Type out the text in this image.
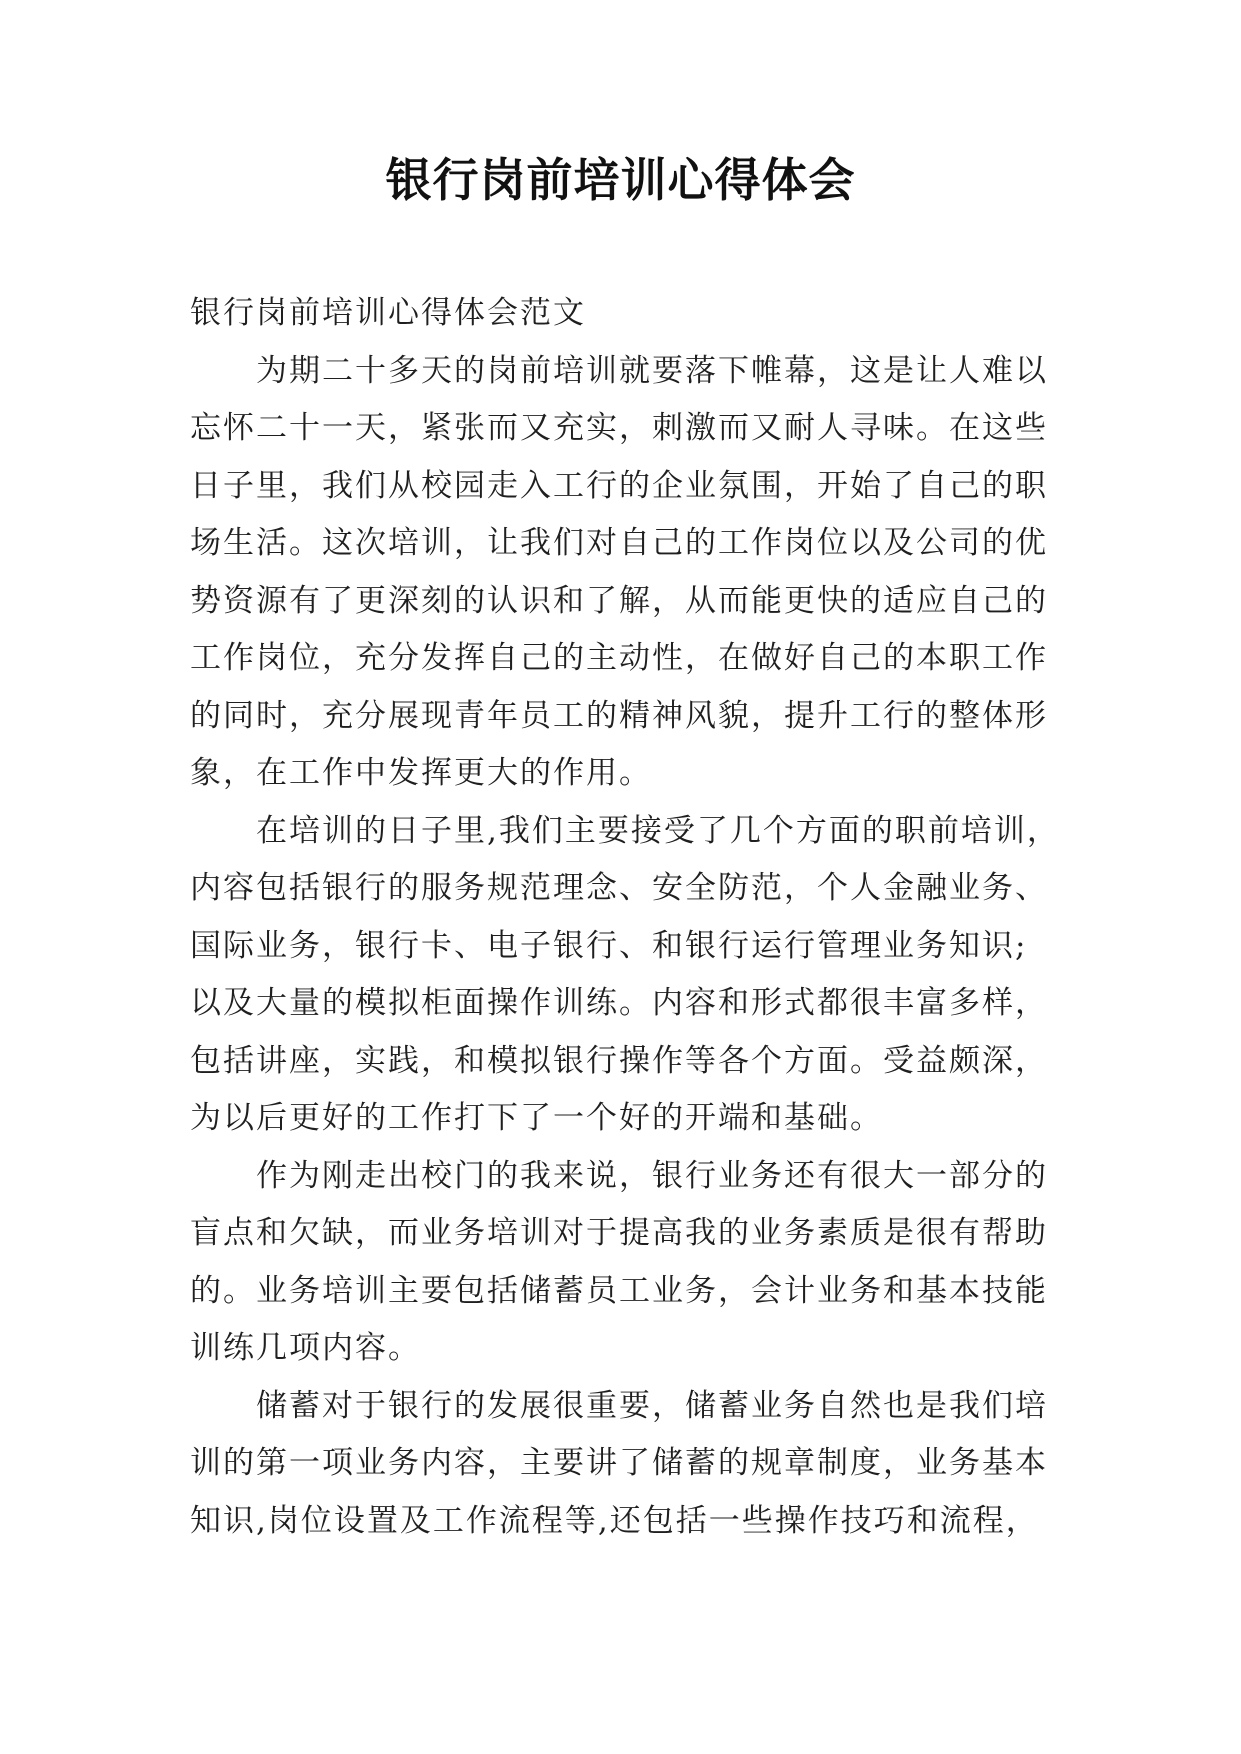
银行岗前培训心得体会

银行岗前培训心得体会范文

为期二十多天的岗前培训就要落下帷幕，这是让人难以
忘怀二十一天，紧张而又充实，刺激而又耐人寻味。在这些
日子里，我们从校园走入工行的企业氛围，开始了自己的职
场生活。这次培训，让我们对自己的工作岗位以及公司的优
势资源有了更深刻的认识和了解，从而能更快的适应自己的
工作岗位，充分发挥自己的主动性，在做好自己的本职工作
的同时，充分展现青年员工的精神风貌，提升工行的整体形
象，在工作中发挥更大的作用。
在培训的日子里,我们主要接受了几个方面的职前培训，
内容包括银行的服务规范理念、安全防范，个人金融业务、
国际业务，银行卡、电子银行、和银行运行管理业务知识;
以及大量的模拟柜面操作训练。内容和形式都很丰富多样，
包括讲座，实践，和模拟银行操作等各个方面。受益颇深，
为以后更好的工作打下了一个好的开端和基础。
作为刚走出校门的我来说，银行业务还有很大一部分的
盲点和欠缺，而业务培训对于提高我的业务素质是很有帮助
的。业务培训主要包括储蓄员工业务，会计业务和基本技能
训练几项内容。
储蓄对于银行的发展很重要，储蓄业务自然也是我们培
训的第一项业务内容，主要讲了储蓄的规章制度，业务基本
知识,岗位设置及工作流程等,还包括一些操作技巧和流程，
